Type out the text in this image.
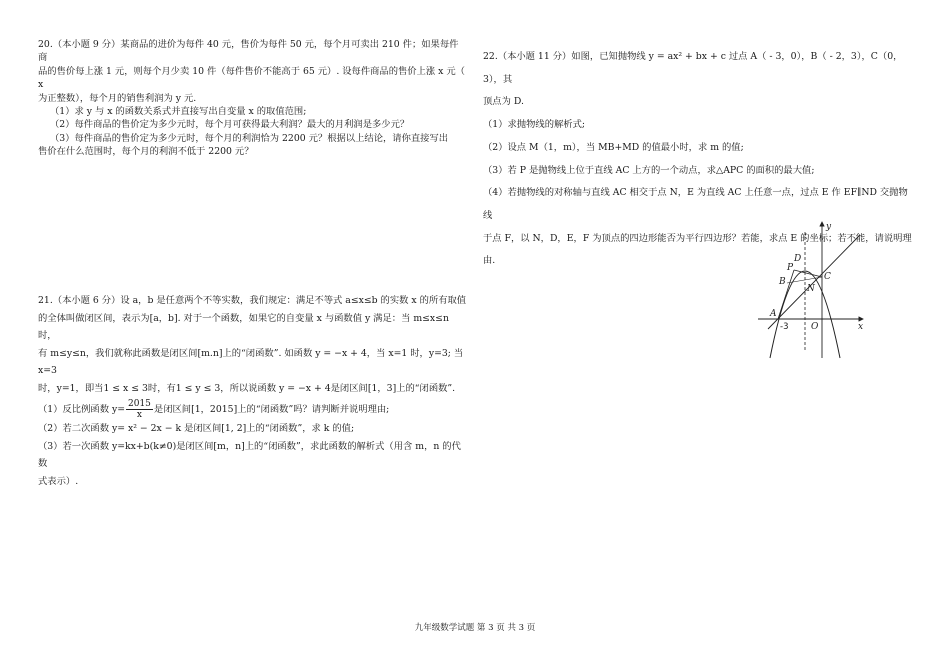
20.（本小题 9 分）某商品的进价为每件 40 元，售价为每件 50 元，每个月可卖出 210 件；如果每件商

品的售价每上涨 1 元，则每个月少卖 10 件（每件售价不能高于 65 元）. 设每件商品的售价上涨 x 元（ x

为正整数），每个月的销售利润为 y 元.

（1）求 y 与 x 的函数关系式并直接写出自变量 x 的取值范围;

（2）每件商品的售价定为多少元时，每个月可获得最大利润？最大的月利润是多少元？

（3）每件商品的售价定为多少元时，每个月的利润恰为 2200 元？根据以上结论，请你直接写出

售价在什么范围时，每个月的利润不低于 2200 元？

21.（本小题 6 分）设 a，b 是任意两个不等实数，我们规定：满足不等式 a≤x≤b 的实数 x 的所有取值

的全体叫做闭区间，表示为[a，b]. 对于一个函数，如果它的自变量 x 与函数值 y 满足：当 m≤x≤n 时，

有 m≤y≤n，我们就称此函数是闭区间[m.n]上的“闭函数”. 如函数 y = −x + 4，当 x=1 时，y=3; 当 x=3

时，y=1，即当1 ≤ x ≤ 3时，有1 ≤ y ≤ 3，所以说函数 y = −x + 4是闭区间[1，3]上的“闭函数”.

（1）反比例函数 $y= \frac{2015}{x}$ 是闭区间[1，2015]上的“闭函数”吗？请判断并说明理由;

（2）若二次函数 y= x² − 2x − k 是闭区间[1, 2]上的“闭函数”，求 k 的值;

（3）若一次函数 y=kx+b(k≠0)是闭区间[m，n]上的“闭函数”，求此函数的解析式（用含 m，n 的代数

式表示）.

22.（本小题 11 分）如图，已知抛物线 y = ax² + bx + c 过点 A（ - 3，0），B（ - 2，3），C（0，3），其

顶点为 D.

（1）求抛物线的解析式;

（2）设点 M（1，m），当 MB+MD 的值最小时，求 m 的值;

（3）若 P 是抛物线上位于直线 AC 上方的一个动点，求△APC 的面积的最大值;

（4）若抛物线的对称轴与直线 AC 相交于点 N，E 为直线 AC 上任意一点，过点 E 作 EF∥ND 交抛物线

于点 F，以 N，D，E，F 为顶点的四边形能否为平行四边形？若能，求点 E 的坐标；若不能，请说明理

由.

y
x
D
P
C
B
N
A
O
-3
九年级数学试题 第 3 页 共 3 页
